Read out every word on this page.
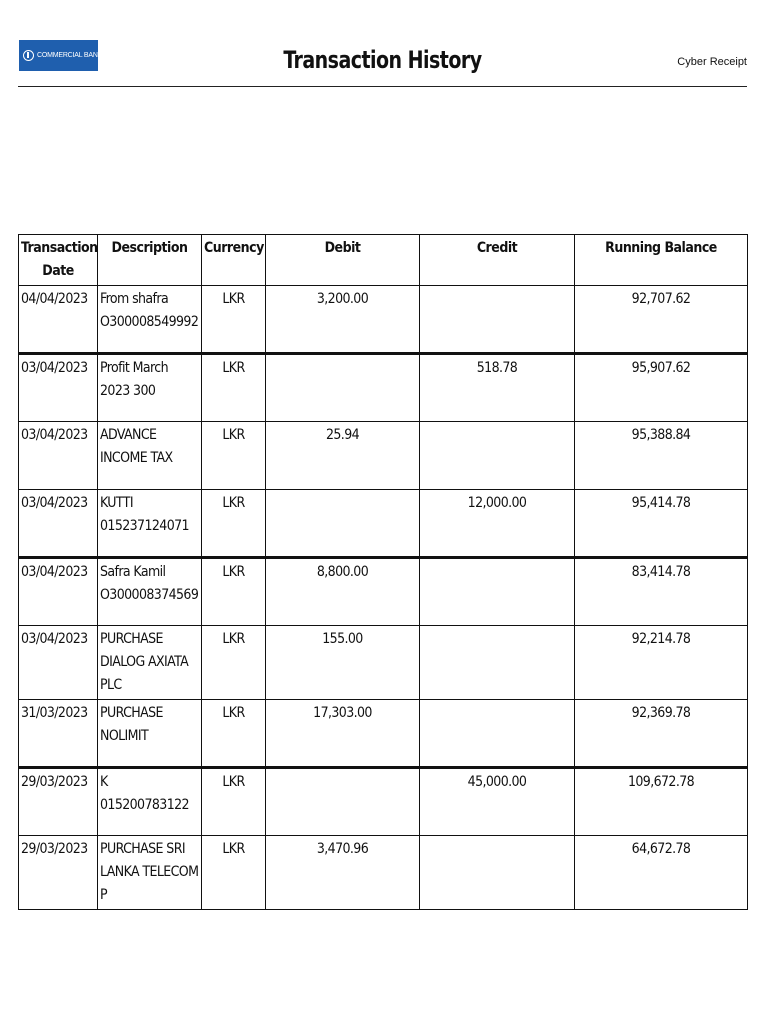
COMMERCIAL BANK	Transaction History	Cyber Receipt
Transaction Date	Description	Currency	Debit	Credit	Running Balance
04/04/2023	From shafra O300008549992	LKR	3,200.00		92,707.62
03/04/2023	Profit March 2023 300	LKR		518.78	95,907.62
03/04/2023	ADVANCE INCOME TAX	LKR	25.94		95,388.84
03/04/2023	KUTTI 015237124071	LKR		12,000.00	95,414.78
03/04/2023	Safra Kamil O300008374569	LKR	8,800.00		83,414.78
03/04/2023	PURCHASE DIALOG AXIATA PLC	LKR	155.00		92,214.78
31/03/2023	PURCHASE NOLIMIT	LKR	17,303.00		92,369.78
29/03/2023	K 015200783122	LKR		45,000.00	109,672.78
29/03/2023	PURCHASE SRI LANKA TELECOM P	LKR	3,470.96		64,672.78
